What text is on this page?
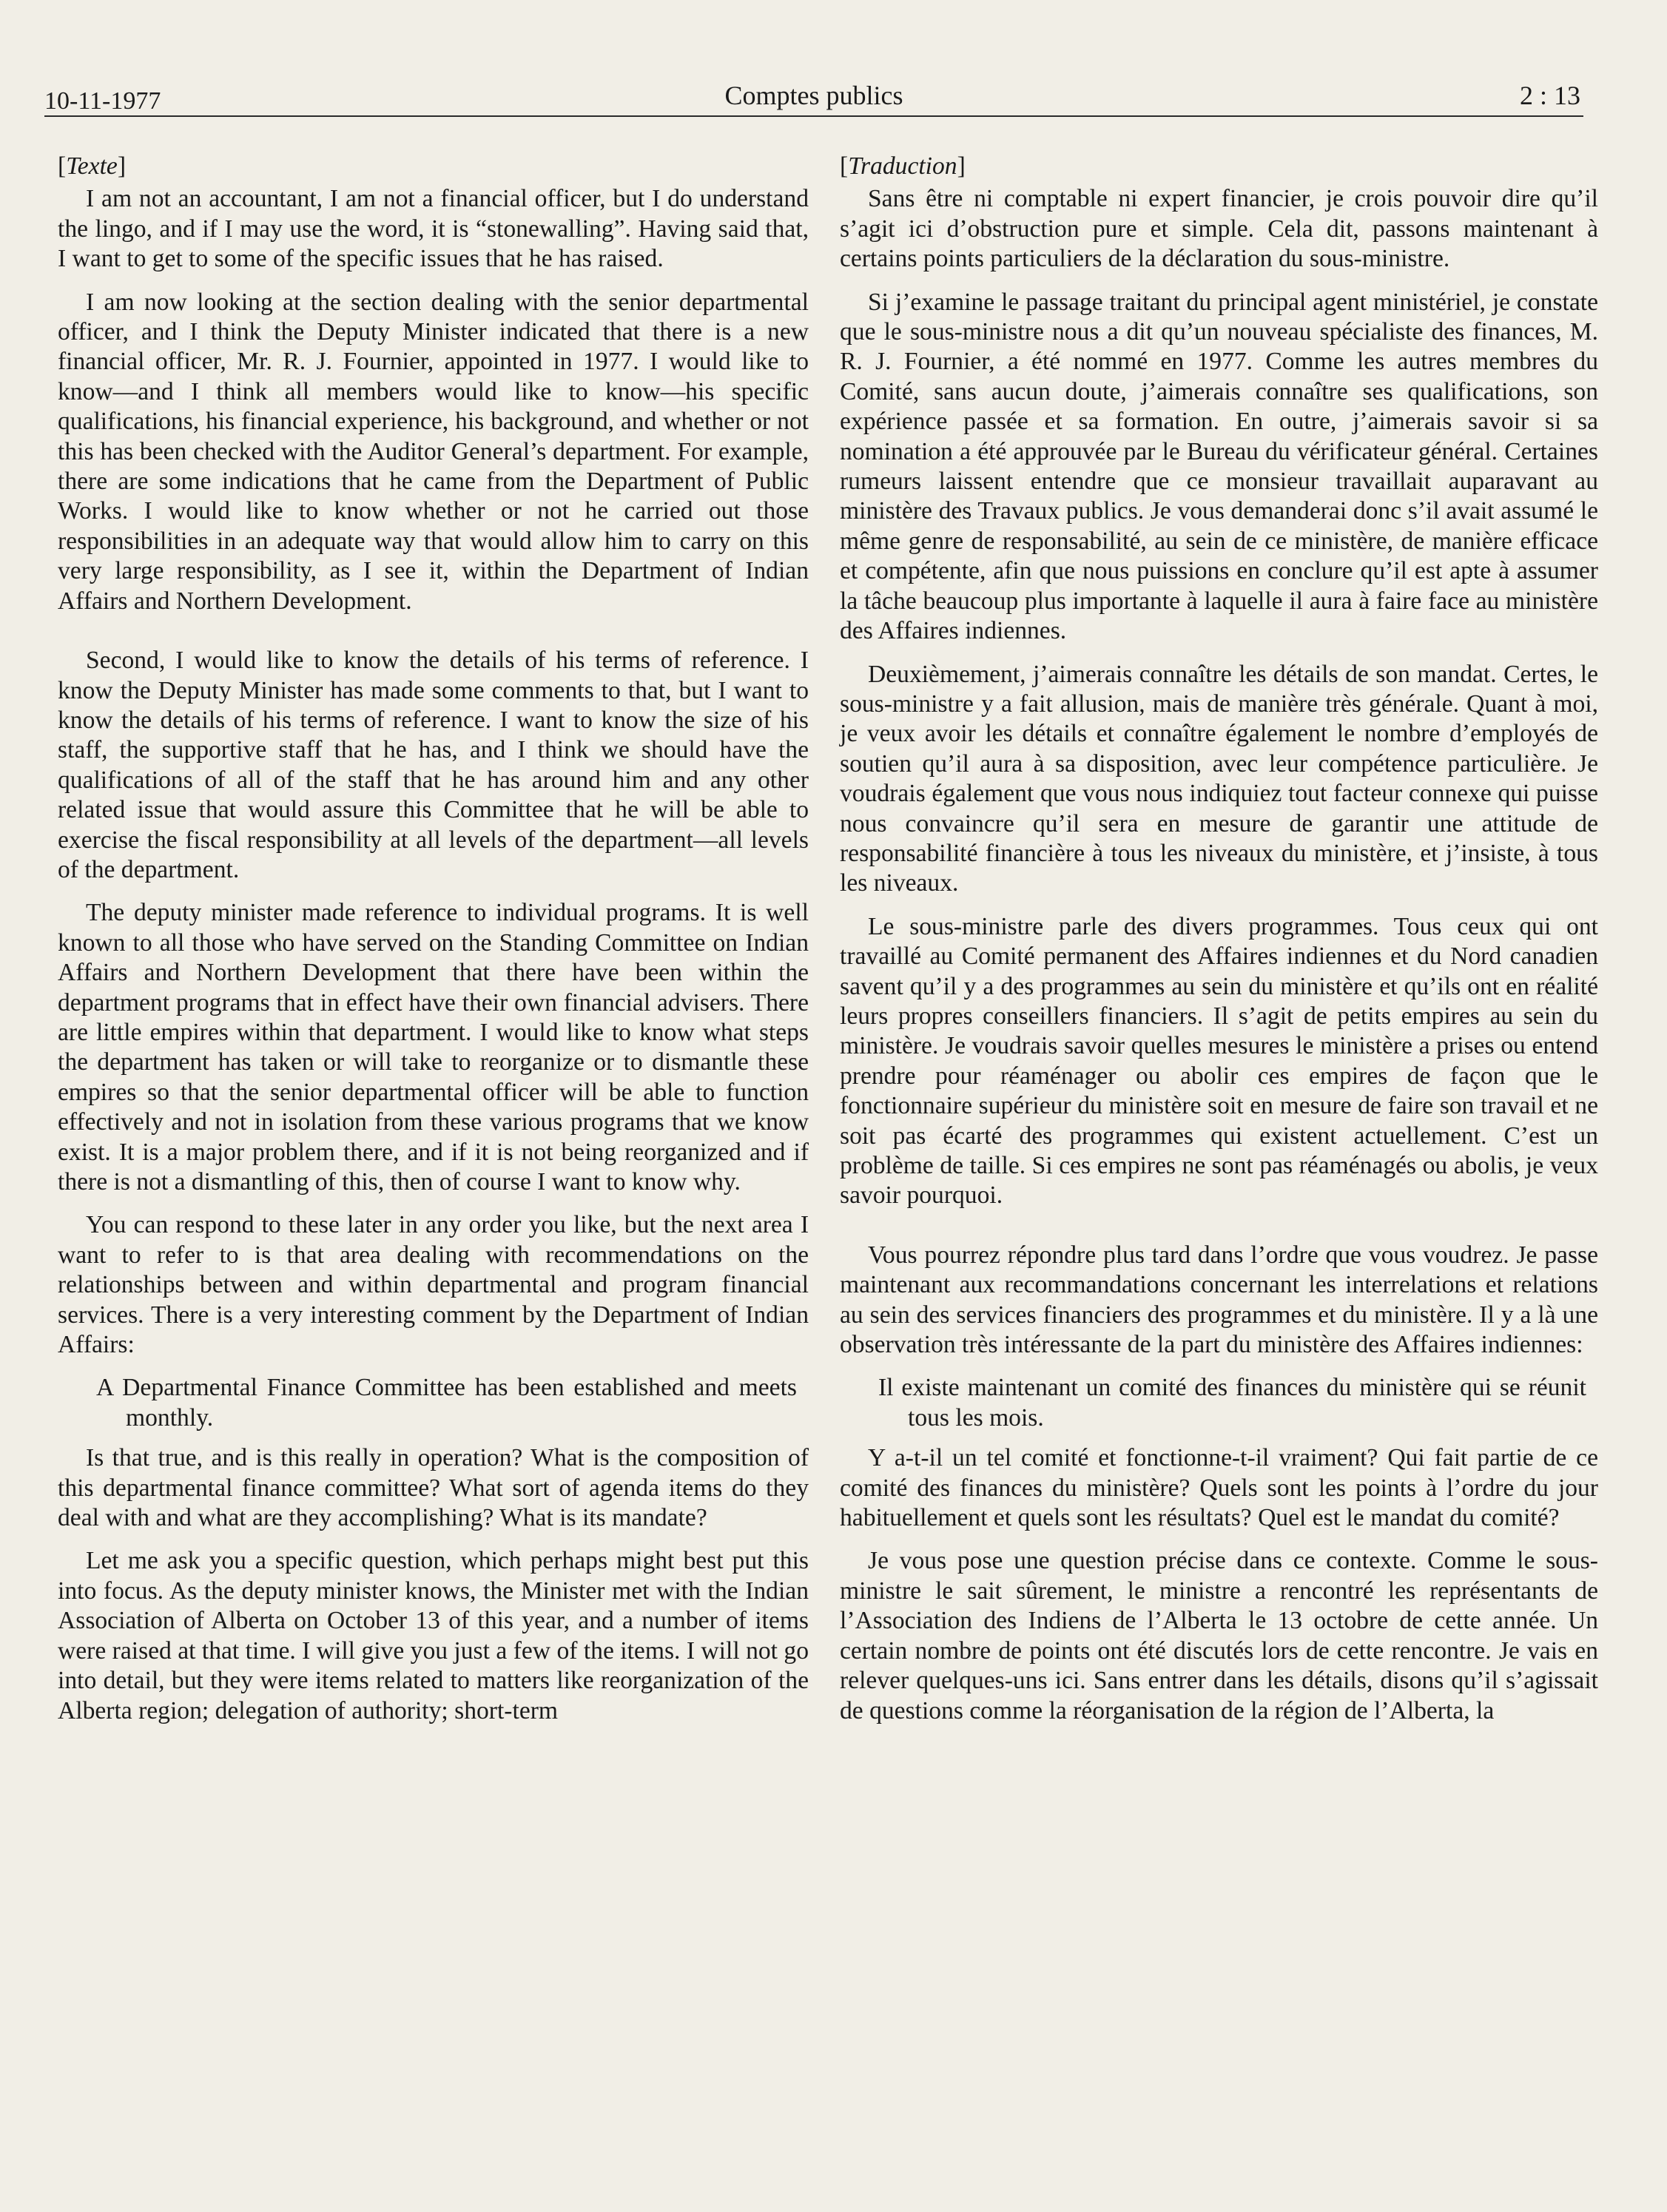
10-11-1977	Comptes publics	2 : 13
[Texte]

I am not an accountant, I am not a financial officer, but I do understand the lingo, and if I may use the word, it is “stonewalling”. Having said that, I want to get to some of the specific issues that he has raised.

I am now looking at the section dealing with the senior departmental officer, and I think the Deputy Minister indicated that there is a new financial officer, Mr. R. J. Fournier, appointed in 1977. I would like to know—and I think all members would like to know—his specific qualifications, his financial experience, his background, and whether or not this has been checked with the Auditor General’s department. For example, there are some indications that he came from the Department of Public Works. I would like to know whether or not he carried out those responsibilities in an adequate way that would allow him to carry on this very large responsibility, as I see it, within the Department of Indian Affairs and Northern Development.

Second, I would like to know the details of his terms of reference. I know the Deputy Minister has made some comments to that, but I want to know the details of his terms of reference. I want to know the size of his staff, the supportive staff that he has, and I think we should have the qualifications of all of the staff that he has around him and any other related issue that would assure this Committee that he will be able to exercise the fiscal responsibility at all levels of the department—all levels of the department.

The deputy minister made reference to individual programs. It is well known to all those who have served on the Standing Committee on Indian Affairs and Northern Development that there have been within the department programs that in effect have their own financial advisers. There are little empires within that department. I would like to know what steps the department has taken or will take to reorganize or to dismantle these empires so that the senior departmental officer will be able to function effectively and not in isolation from these various programs that we know exist. It is a major problem there, and if it is not being reorganized and if there is not a dismantling of this, then of course I want to know why.

You can respond to these later in any order you like, but the next area I want to refer to is that area dealing with recommendations on the relationships between and within departmental and program financial services. There is a very interesting comment by the Department of Indian Affairs:

A Departmental Finance Committee has been established and meets monthly.

Is that true, and is this really in operation? What is the composition of this departmental finance committee? What sort of agenda items do they deal with and what are they accomplishing? What is its mandate?

Let me ask you a specific question, which perhaps might best put this into focus. As the deputy minister knows, the Minister met with the Indian Association of Alberta on October 13 of this year, and a number of items were raised at that time. I will give you just a few of the items. I will not go into detail, but they were items related to matters like reorganization of the Alberta region; delegation of authority; short-term

[Traduction]

Sans être ni comptable ni expert financier, je crois pouvoir dire qu’il s’agit ici d’obstruction pure et simple. Cela dit, passons maintenant à certains points particuliers de la déclaration du sous-ministre.

Si j’examine le passage traitant du principal agent ministériel, je constate que le sous-ministre nous a dit qu’un nouveau spécialiste des finances, M. R. J. Fournier, a été nommé en 1977. Comme les autres membres du Comité, sans aucun doute, j’aimerais connaître ses qualifications, son expérience passée et sa formation. En outre, j’aimerais savoir si sa nomination a été approuvée par le Bureau du vérificateur général. Certaines rumeurs laissent entendre que ce monsieur travaillait auparavant au ministère des Travaux publics. Je vous demanderai donc s’il avait assumé le même genre de responsabilité, au sein de ce ministère, de manière efficace et compétente, afin que nous puissions en conclure qu’il est apte à assumer la tâche beaucoup plus importante à laquelle il aura à faire face au ministère des Affaires indiennes.

Deuxièmement, j’aimerais connaître les détails de son mandat. Certes, le sous-ministre y a fait allusion, mais de manière très générale. Quant à moi, je veux avoir les détails et connaître également le nombre d’employés de soutien qu’il aura à sa disposition, avec leur compétence particulière. Je voudrais également que vous nous indiquiez tout facteur connexe qui puisse nous convaincre qu’il sera en mesure de garantir une attitude de responsabilité financière à tous les niveaux du ministère, et j’insiste, à tous les niveaux.

Le sous-ministre parle des divers programmes. Tous ceux qui ont travaillé au Comité permanent des Affaires indiennes et du Nord canadien savent qu’il y a des programmes au sein du ministère et qu’ils ont en réalité leurs propres conseillers financiers. Il s’agit de petits empires au sein du ministère. Je voudrais savoir quelles mesures le ministère a prises ou entend prendre pour réaménager ou abolir ces empires de façon que le fonctionnaire supérieur du ministère soit en mesure de faire son travail et ne soit pas écarté des programmes qui existent actuellement. C’est un problème de taille. Si ces empires ne sont pas réaménagés ou abolis, je veux savoir pourquoi.

Vous pourrez répondre plus tard dans l’ordre que vous voudrez. Je passe maintenant aux recommandations concernant les interrelations et relations au sein des services financiers des programmes et du ministère. Il y a là une observation très intéressante de la part du ministère des Affaires indiennes:

Il existe maintenant un comité des finances du ministère qui se réunit tous les mois.

Y a-t-il un tel comité et fonctionne-t-il vraiment? Qui fait partie de ce comité des finances du ministère? Quels sont les points à l’ordre du jour habituellement et quels sont les résultats? Quel est le mandat du comité?

Je vous pose une question précise dans ce contexte. Comme le sous-ministre le sait sûrement, le ministre a rencontré les représentants de l’Association des Indiens de l’Alberta le 13 octobre de cette année. Un certain nombre de points ont été discutés lors de cette rencontre. Je vais en relever quelques-uns ici. Sans entrer dans les détails, disons qu’il s’agissait de questions comme la réorganisation de la région de l’Alberta, la
